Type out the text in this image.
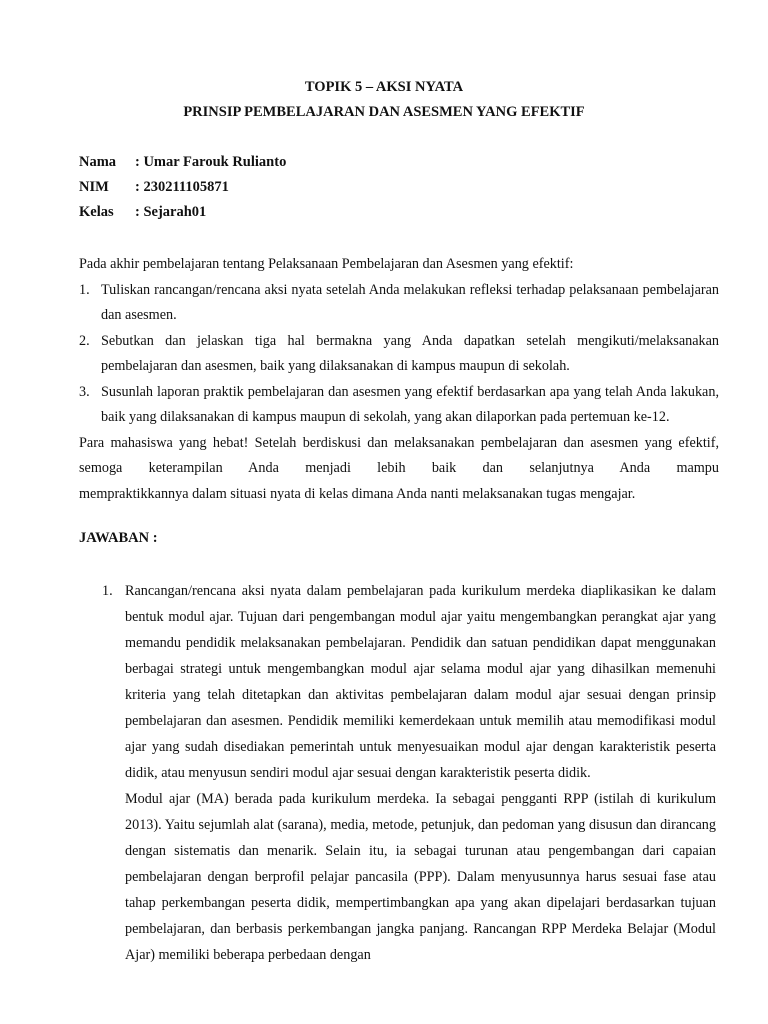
TOPIK 5 – AKSI NYATA
PRINSIP PEMBELAJARAN DAN ASESMEN YANG EFEKTIF
Nama : Umar Farouk Rulianto
NIM : 230211105871
Kelas : Sejarah01

Pada akhir pembelajaran tentang Pelaksanaan Pembelajaran dan Asesmen yang efektif:

1. Tuliskan rancangan/rencana aksi nyata setelah Anda melakukan refleksi terhadap pelaksanaan pembelajaran dan asesmen.
2. Sebutkan dan jelaskan tiga hal bermakna yang Anda dapatkan setelah mengikuti/melaksanakan pembelajaran dan asesmen, baik yang dilaksanakan di kampus maupun di sekolah.
3. Susunlah laporan praktik pembelajaran dan asesmen yang efektif berdasarkan apa yang telah Anda lakukan, baik yang dilaksanakan di kampus maupun di sekolah, yang akan dilaporkan pada pertemuan ke-12.

Para mahasiswa yang hebat! Setelah berdiskusi dan melaksanakan pembelajaran dan asesmen yang efektif, semoga keterampilan Anda menjadi lebih baik dan selanjutnya Anda mampu

mempraktikkannya dalam situasi nyata di kelas dimana Anda nanti melaksanakan tugas mengajar.

JAWABAN :
1. Rancangan/rencana aksi nyata dalam pembelajaran pada kurikulum merdeka diaplikasikan ke dalam bentuk modul ajar. Tujuan dari pengembangan modul ajar yaitu mengembangkan perangkat ajar yang memandu pendidik melaksanakan pembelajaran. Pendidik dan satuan pendidikan dapat menggunakan berbagai strategi untuk mengembangkan modul ajar selama modul ajar yang dihasilkan memenuhi kriteria yang telah ditetapkan dan aktivitas pembelajaran dalam modul ajar sesuai dengan prinsip pembelajaran dan asesmen. Pendidik memiliki kemerdekaan untuk memilih atau memodifikasi modul ajar yang sudah disediakan pemerintah untuk menyesuaikan modul ajar dengan karakteristik peserta didik, atau menyusun sendiri modul ajar sesuai dengan karakteristik peserta didik.

Modul ajar (MA) berada pada kurikulum merdeka. Ia sebagai pengganti RPP (istilah di kurikulum 2013). Yaitu sejumlah alat (sarana), media, metode, petunjuk, dan pedoman yang disusun dan dirancang dengan sistematis dan menarik. Selain itu, ia sebagai turunan atau pengembangan dari capaian pembelajaran dengan berprofil pelajar pancasila (PPP). Dalam menyusunnya harus sesuai fase atau tahap perkembangan peserta didik, mempertimbangkan apa yang akan dipelajari berdasarkan tujuan pembelajaran, dan berbasis perkembangan jangka panjang. Rancangan RPP Merdeka Belajar (Modul Ajar) memiliki beberapa perbedaan dengan
